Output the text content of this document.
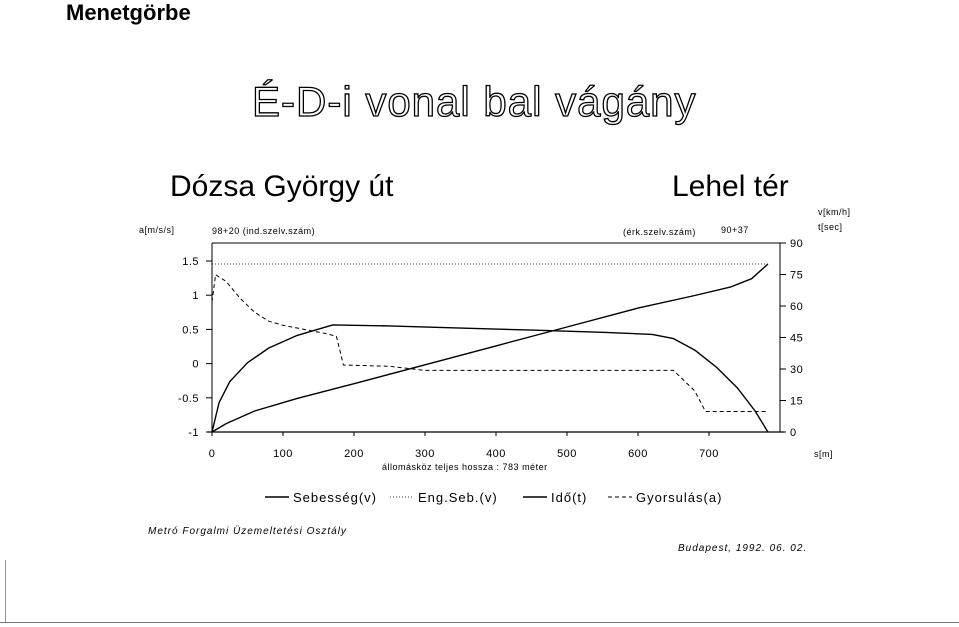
Menetgörbe
É-D-i vonal bal vágány
Dózsa György út	Lehel tér
98+20 (ind.szelv.szám)	(érk.szelv.szám)	90+37
a[m/s/s]
v[km/h]
t[sec]
s[m]
állomásköz teljes hossza : 783 méter
1.5
1
0.5
0
-0.5
-1
90
75
60
45
30
15
0
0	100	200	300	400	500	600	700
Sebesség(v)	Eng.Seb.(v)	Idő(t)	Gyorsulás(a)
Metró Forgalmi Üzemeltetési Osztály
Budapest, 1992. 06. 02.
